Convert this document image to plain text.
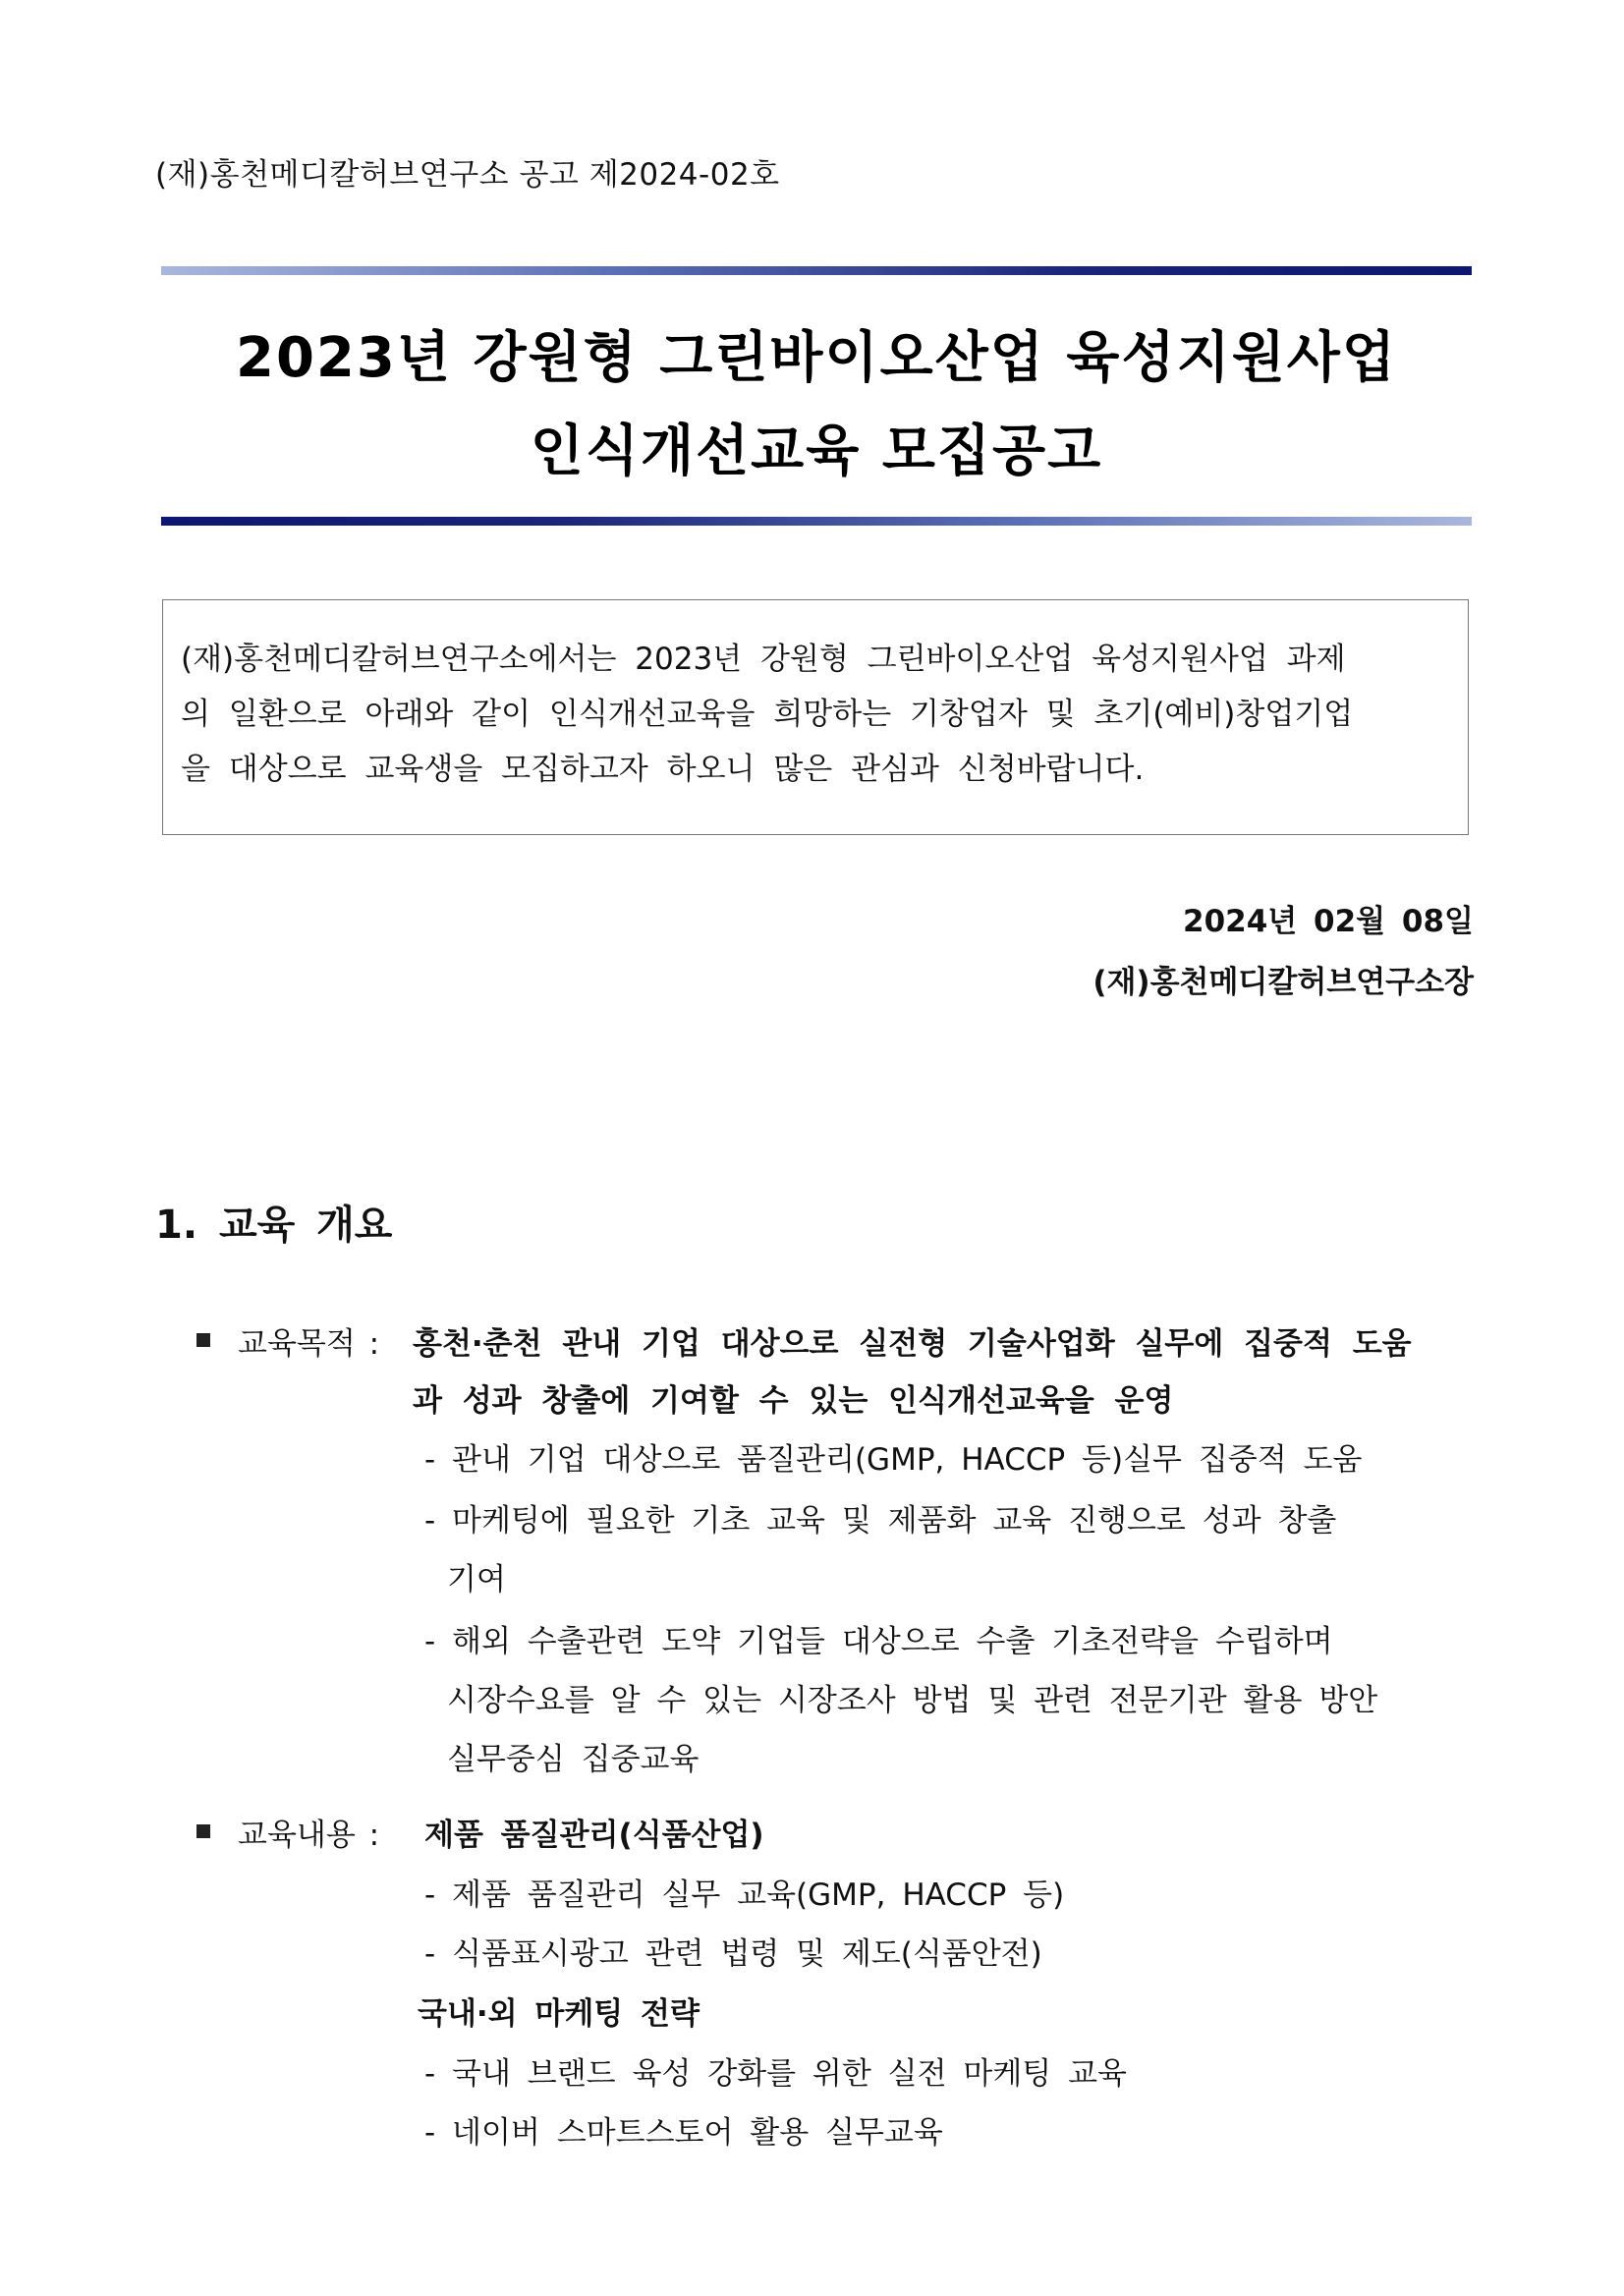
(재)홍천메디칼허브연구소 공고 제2024-02호
2023년 강원형 그린바이오산업 육성지원사업
인식개선교육 모집공고
(재)홍천메디칼허브연구소에서는 2023년 강원형 그린바이오산업 육성지원사업 과제
의 일환으로 아래와 같이 인식개선교육을 희망하는 기창업자 및 초기(예비)창업기업
을 대상으로 교육생을 모집하고자 하오니 많은 관심과 신청바랍니다.
2024년 02월 08일
(재)홍천메디칼허브연구소장
1. 교육 개요
교육목적 : 홍천·춘천 관내 기업 대상으로 실전형 기술사업화 실무에 집중적 도움
과 성과 창출에 기여할 수 있는 인식개선교육을 운영
- 관내 기업 대상으로 품질관리(GMP, HACCP 등)실무 집중적 도움
- 마케팅에 필요한 기초 교육 및 제품화 교육 진행으로 성과 창출
기여
- 해외 수출관련 도약 기업들 대상으로 수출 기초전략을 수립하며
시장수요를 알 수 있는 시장조사 방법 및 관련 전문기관 활용 방안
실무중심 집중교육
교육내용 : 제품 품질관리(식품산업)
- 제품 품질관리 실무 교육(GMP, HACCP 등)
- 식품표시광고 관련 법령 및 제도(식품안전)
국내·외 마케팅 전략
- 국내 브랜드 육성 강화를 위한 실전 마케팅 교육
- 네이버 스마트스토어 활용 실무교육
